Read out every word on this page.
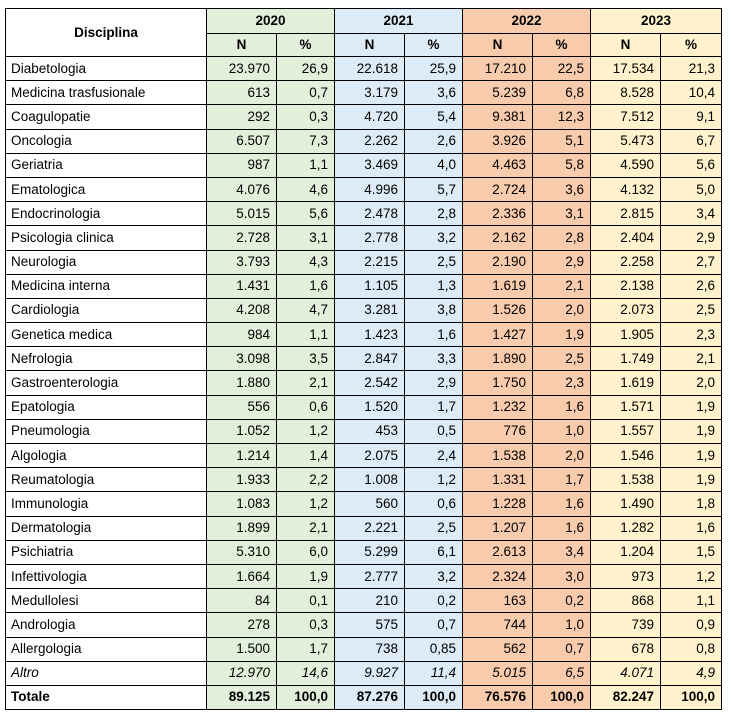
Disciplina	2020		2021		2022		2023	
	N	%	N	%	N	%	N	%
Diabetologia	23.970	26,9	22.618	25,9	17.210	22,5	17.534	21,3
Medicina trasfusionale	613	0,7	3.179	3,6	5.239	6,8	8.528	10,4
Coagulopatie	292	0,3	4.720	5,4	9.381	12,3	7.512	9,1
Oncologia	6.507	7,3	2.262	2,6	3.926	5,1	5.473	6,7
Geriatria	987	1,1	3.469	4,0	4.463	5,8	4.590	5,6
Ematologica	4.076	4,6	4.996	5,7	2.724	3,6	4.132	5,0
Endocrinologia	5.015	5,6	2.478	2,8	2.336	3,1	2.815	3,4
Psicologia clinica	2.728	3,1	2.778	3,2	2.162	2,8	2.404	2,9
Neurologia	3.793	4,3	2.215	2,5	2.190	2,9	2.258	2,7
Medicina interna	1.431	1,6	1.105	1,3	1.619	2,1	2.138	2,6
Cardiologia	4.208	4,7	3.281	3,8	1.526	2,0	2.073	2,5
Genetica medica	984	1,1	1.423	1,6	1.427	1,9	1.905	2,3
Nefrologia	3.098	3,5	2.847	3,3	1.890	2,5	1.749	2,1
Gastroenterologia	1.880	2,1	2.542	2,9	1.750	2,3	1.619	2,0
Epatologia	556	0,6	1.520	1,7	1.232	1,6	1.571	1,9
Pneumologia	1.052	1,2	453	0,5	776	1,0	1.557	1,9
Algologia	1.214	1,4	2.075	2,4	1.538	2,0	1.546	1,9
Reumatologia	1.933	2,2	1.008	1,2	1.331	1,7	1.538	1,9
Immunologia	1.083	1,2	560	0,6	1.228	1,6	1.490	1,8
Dermatologia	1.899	2,1	2.221	2,5	1.207	1,6	1.282	1,6
Psichiatria	5.310	6,0	5.299	6,1	2.613	3,4	1.204	1,5
Infettivologia	1.664	1,9	2.777	3,2	2.324	3,0	973	1,2
Medullolesi	84	0,1	210	0,2	163	0,2	868	1,1
Andrologia	278	0,3	575	0,7	744	1,0	739	0,9
Allergologia	1.500	1,7	738	0,85	562	0,7	678	0,8
Altro	12.970	14,6	9.927	11,4	5.015	6,5	4.071	4,9
Totale	89.125	100,0	87.276	100,0	76.576	100,0	82.247	100,0
